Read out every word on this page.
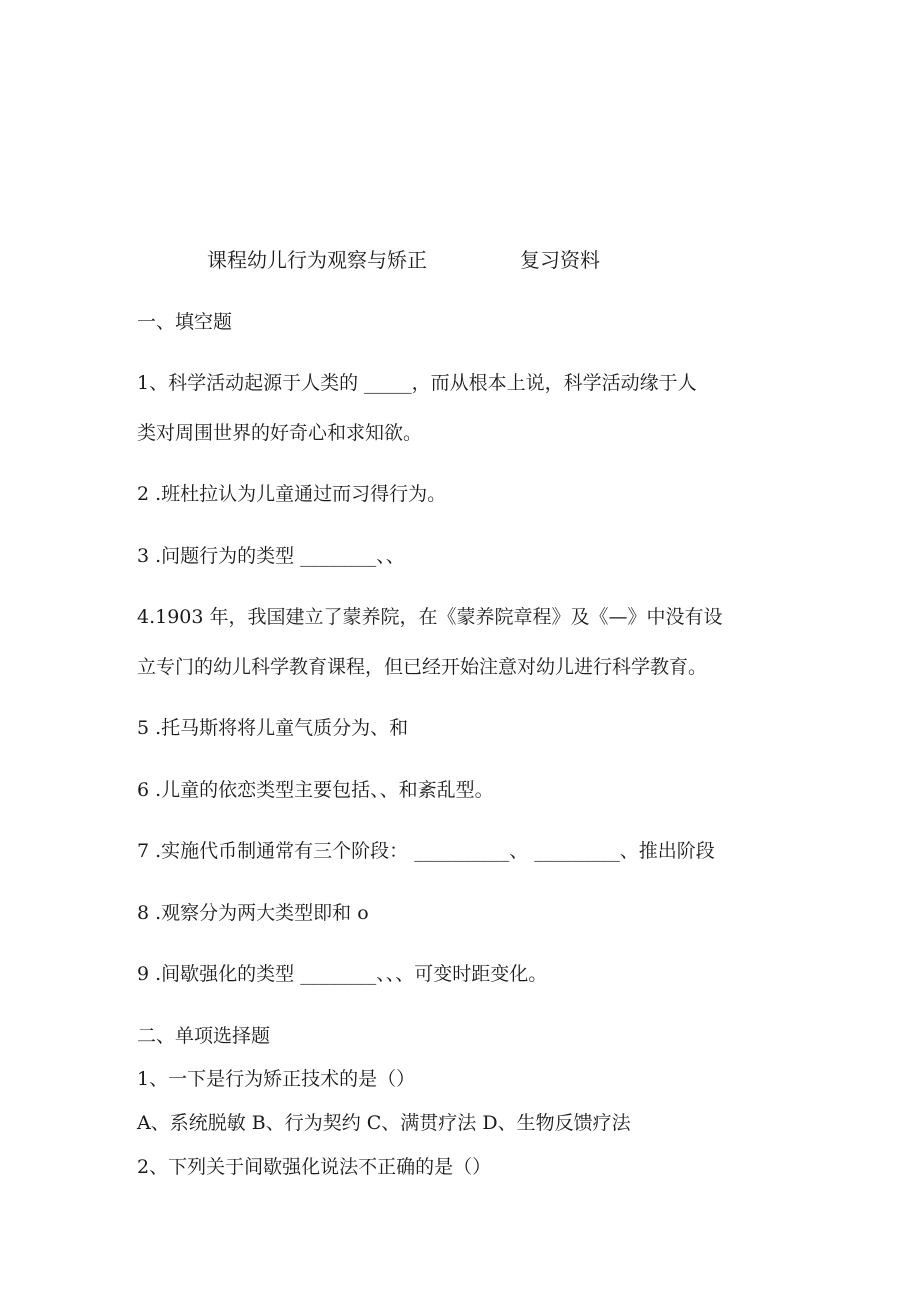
课程 幼儿行为观察与矫正	复习资料
一、填空题
1、科学活动起源于人类的 _____，而从根本上说，科学活动缘于人
类对周围世界的好奇心和求知欲。
2 .班杜拉认为儿童通过而习得行为。
3 .问题行为的类型 ________、、
4.1903 年，我国建立了蒙养院，在《蒙养院章程》及《—》中没有设
立专门的幼儿科学教育课程，但已经开始注意对幼儿进行科学教育。
5 .托马斯将将儿童气质分为、和
6 .儿童的依恋类型主要包括、、和紊乱型。
7 .实施代币制通常有三个阶段： __________、 _________、推出阶段
8 .观察分为两大类型即和 o
9 .间歇强化的类型 ________、、、可变时距变化。
二、单项选择题
1、一下是行为矫正技术的是（）
A、系统脱敏 B、行为契约 C、满贯疗法 D、生物反馈疗法
2、下列关于间歇强化说法不正确的是（）
